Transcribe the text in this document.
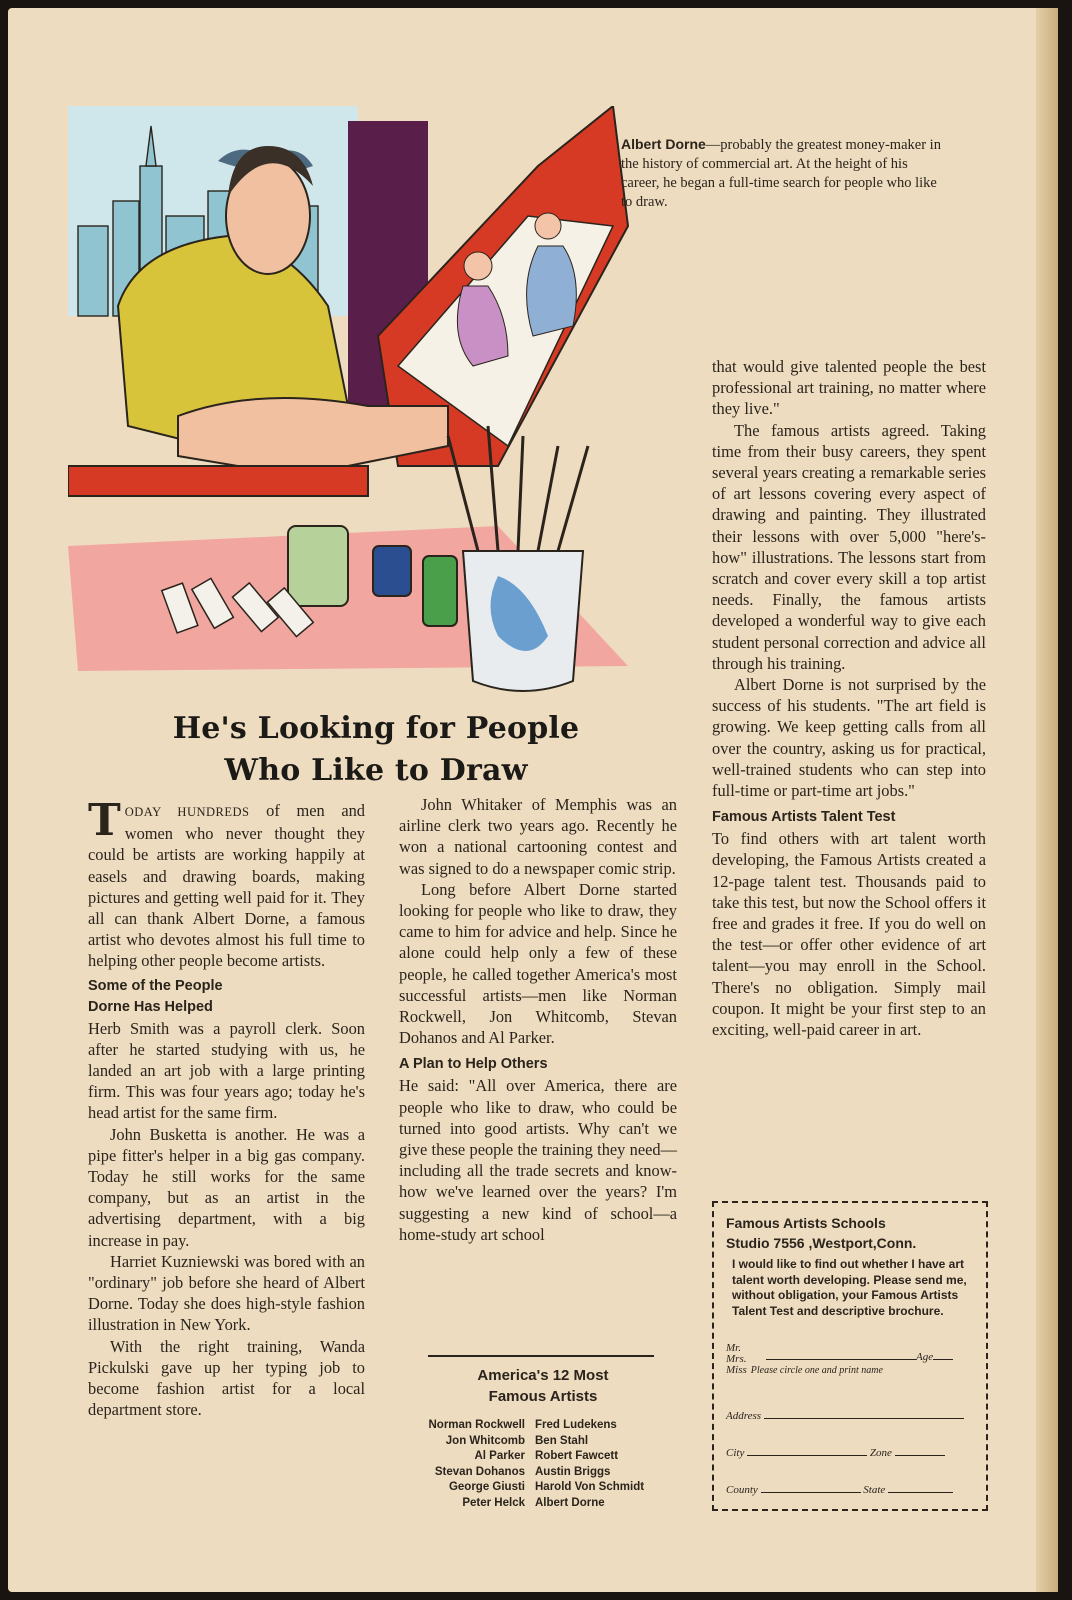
Albert Dorne—probably the greatest money-maker in the history of commercial art. At the height of his career, he began a full-time search for people who like to draw.
He's Looking for People
Who Like to Draw

TODAY HUNDREDS of men and women who never thought they could be artists are working happily at easels and drawing boards, making pictures and getting well paid for it. They all can thank Albert Dorne, a famous artist who devotes almost his full time to helping other people become artists.

Some of the People
Dorne Has Helped

Herb Smith was a payroll clerk. Soon after he started studying with us, he landed an art job with a large printing firm. This was four years ago; today he's head artist for the same firm.

John Busketta is another. He was a pipe fitter's helper in a big gas company. Today he still works for the same company, but as an artist in the advertising department, with a big increase in pay.

Harriet Kuzniewski was bored with an "ordinary" job before she heard of Albert Dorne. Today she does high-style fashion illustration in New York.

With the right training, Wanda Pickulski gave up her typing job to become fashion artist for a local department store.

John Whitaker of Memphis was an airline clerk two years ago. Recently he won a national cartooning contest and was signed to do a newspaper comic strip.

Long before Albert Dorne started looking for people who like to draw, they came to him for advice and help. Since he alone could help only a few of these people, he called together America's most successful artists—men like Norman Rockwell, Jon Whitcomb, Stevan Dohanos and Al Parker.

A Plan to Help Others

He said: "All over America, there are people who like to draw, who could be turned into good artists. Why can't we give these people the training they need—including all the trade secrets and know-how we've learned over the years? I'm suggesting a new kind of school—a home-study art school

that would give talented people the best professional art training, no matter where they live."

The famous artists agreed. Taking time from their busy careers, they spent several years creating a remarkable series of art lessons covering every aspect of drawing and painting. They illustrated their lessons with over 5,000 "here's-how" illustrations. The lessons start from scratch and cover every skill a top artist needs. Finally, the famous artists developed a wonderful way to give each student personal correction and advice all through his training.

Albert Dorne is not surprised by the success of his students. "The art field is growing. We keep getting calls from all over the country, asking us for practical, well-trained students who can step into full-time or part-time art jobs."

Famous Artists Talent Test

To find others with art talent worth developing, the Famous Artists created a 12-page talent test. Thousands paid to take this test, but now the School offers it free and grades it free. If you do well on the test—or offer other evidence of art talent—you may enroll in the School. There's no obligation. Simply mail coupon. It might be your first step to an exciting, well-paid career in art.

America's 12 Most
Famous Artists
Norman Rockwell Fred Ludekens
Jon Whitcomb Ben Stahl
Al Parker Robert Fawcett
Stevan Dohanos Austin Briggs
George Giusti Harold Von Schmidt
Peter Helck Albert Dorne
Famous Artists Schools
Studio 7556 ,Westport,Conn.
I would like to find out whether I have art talent worth developing. Please send me, without obligation, your Famous Artists Talent Test and descriptive brochure.
Mr.
Mrs.
Miss Please circle one and print name
Age
Address
City	Zone
County	State
